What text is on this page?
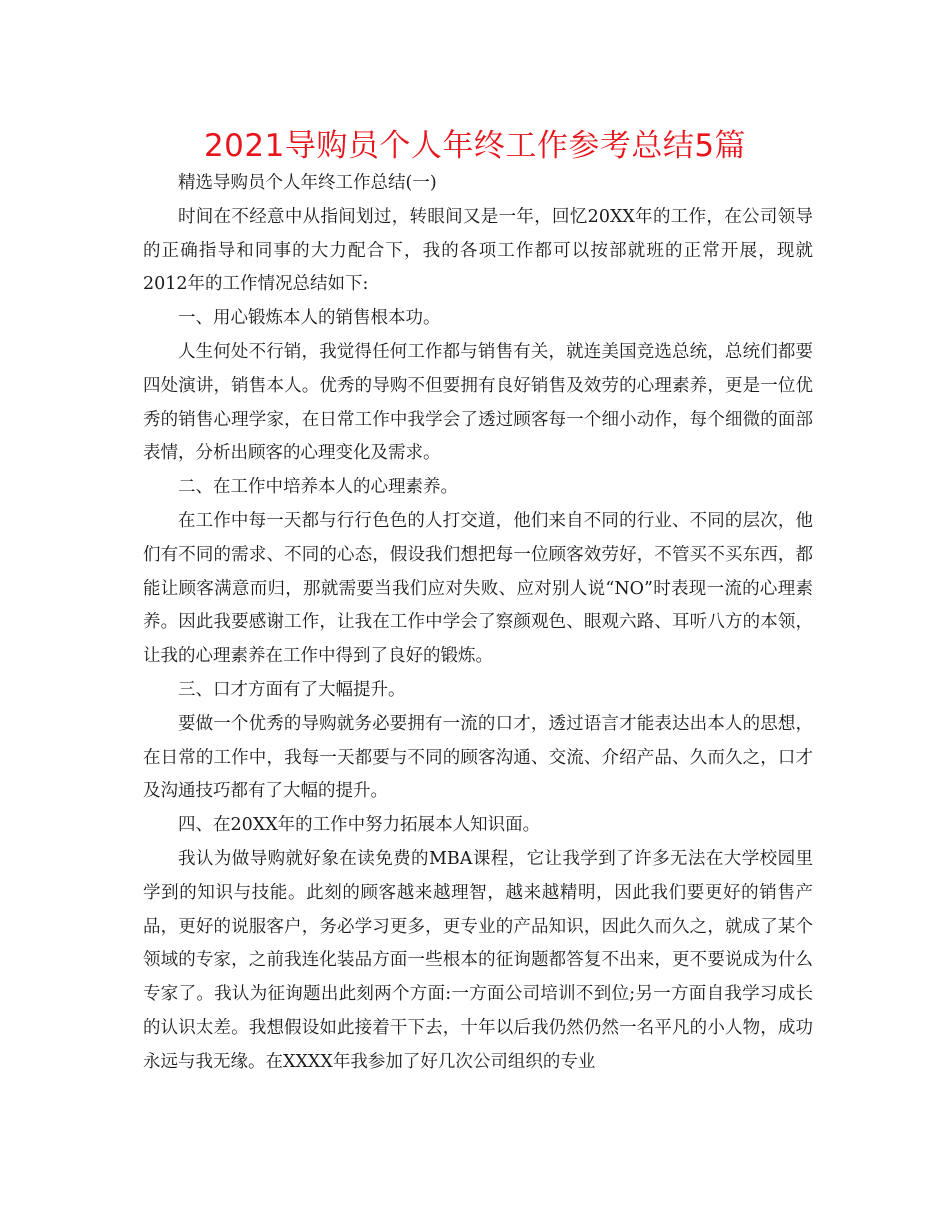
2021导购员个人年终工作参考总结5篇

精选导购员个人年终工作总结(一)

时间在不经意中从指间划过，转眼间又是一年，回忆20XX年的工作，在公司领导的正确指导和同事的大力配合下，我的各项工作都可以按部就班的正常开展，现就2012年的工作情况总结如下:

一、用心锻炼本人的销售根本功。

人生何处不行销，我觉得任何工作都与销售有关，就连美国竞选总统，总统们都要四处演讲，销售本人。优秀的导购不但要拥有良好销售及效劳的心理素养，更是一位优秀的销售心理学家，在日常工作中我学会了透过顾客每一个细小动作，每个细微的面部表情，分析出顾客的心理变化及需求。

二、在工作中培养本人的心理素养。

在工作中每一天都与行行色色的人打交道，他们来自不同的行业、不同的层次，他们有不同的需求、不同的心态，假设我们想把每一位顾客效劳好，不管买不买东西，都能让顾客满意而归，那就需要当我们应对失败、应对别人说“NO”时表现一流的心理素养。因此我要感谢工作，让我在工作中学会了察颜观色、眼观六路、耳听八方的本领，让我的心理素养在工作中得到了良好的锻炼。

三、口才方面有了大幅提升。

要做一个优秀的导购就务必要拥有一流的口才，透过语言才能表达出本人的思想，在日常的工作中，我每一天都要与不同的顾客沟通、交流、介绍产品、久而久之，口才及沟通技巧都有了大幅的提升。

四、在20XX年的工作中努力拓展本人知识面。

我认为做导购就好象在读免费的MBA课程，它让我学到了许多无法在大学校园里学到的知识与技能。此刻的顾客越来越理智，越来越精明，因此我们要更好的销售产品，更好的说服客户，务必学习更多，更专业的产品知识，因此久而久之，就成了某个领域的专家，之前我连化装品方面一些根本的征询题都答复不出来，更不要说成为什么专家了。我认为征询题出此刻两个方面:一方面公司培训不到位;另一方面自我学习成长的认识太差。我想假设如此接着干下去，十年以后我仍然仍然一名平凡的小人物，成功永远与我无缘。在XXXX年我参加了好几次公司组织的专业
